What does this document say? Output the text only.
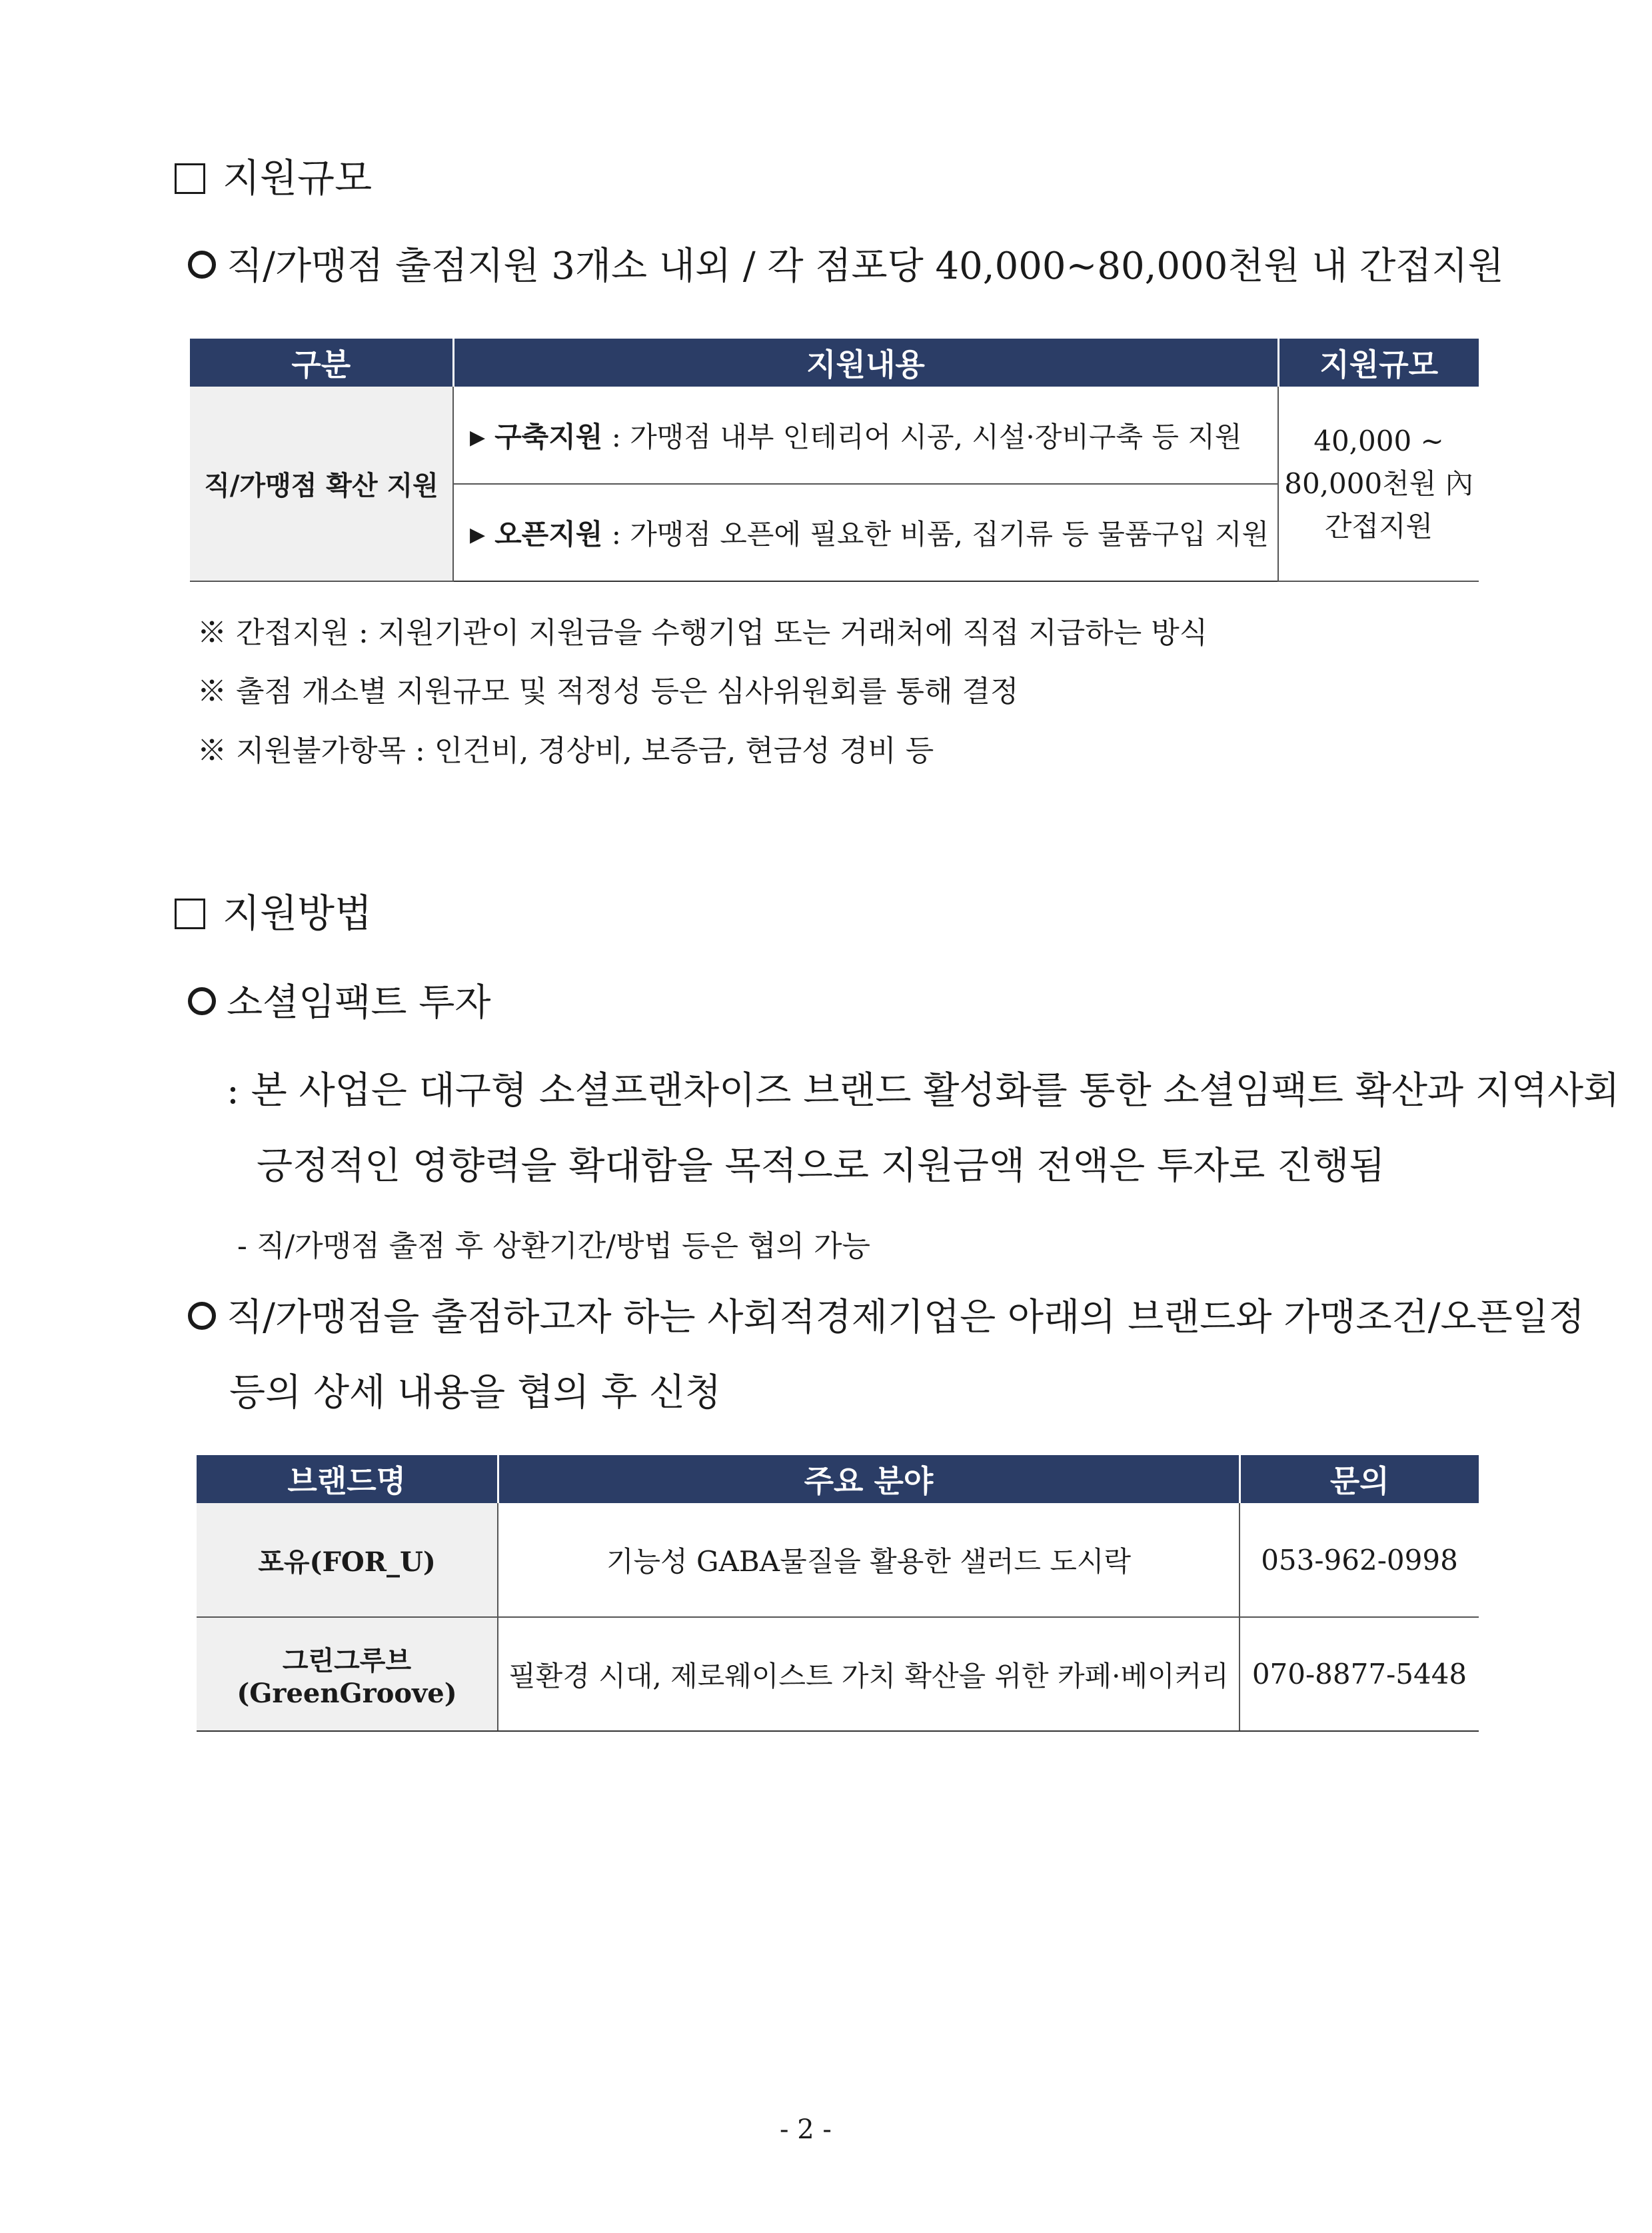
지원규모
직/가맹점 출점지원 3개소 내외 / 각 점포당 40,000~80,000천원 내 간접지원
구분	지원내용	지원규모
직/가맹점 확산 지원	▶ 구축지원 : 가맹점 내부 인테리어 시공, 시설·장비구축 등 지원	40,000 ~
80,000천원 內
간접지원

	▶ 오픈지원 : 가맹점 오픈에 필요한 비품, 집기류 등 물품구입 지원	
※ 간접지원 : 지원기관이 지원금을 수행기업 또는 거래처에 직접 지급하는 방식
※ 출점 개소별 지원규모 및 적정성 등은 심사위원회를 통해 결정
※ 지원불가항목 : 인건비, 경상비, 보증금, 현금성 경비 등
지원방법
소셜임팩트 투자
: 본 사업은 대구형 소셜프랜차이즈 브랜드 활성화를 통한 소셜임팩트 확산과 지역사회
긍정적인 영향력을 확대함을 목적으로 지원금액 전액은 투자로 진행됨
- 직/가맹점 출점 후 상환기간/방법 등은 협의 가능
직/가맹점을 출점하고자 하는 사회적경제기업은 아래의 브랜드와 가맹조건/오픈일정
등의 상세 내용을 협의 후 신청
브랜드명	주요 분야	문의
포유(FOR_U)	기능성 GABA물질을 활용한 샐러드 도시락	053-962-0998
그린그루브(GreenGroove)	필환경 시대, 제로웨이스트 가치 확산을 위한 카페·베이커리	070-8877-5448
- 2 -
